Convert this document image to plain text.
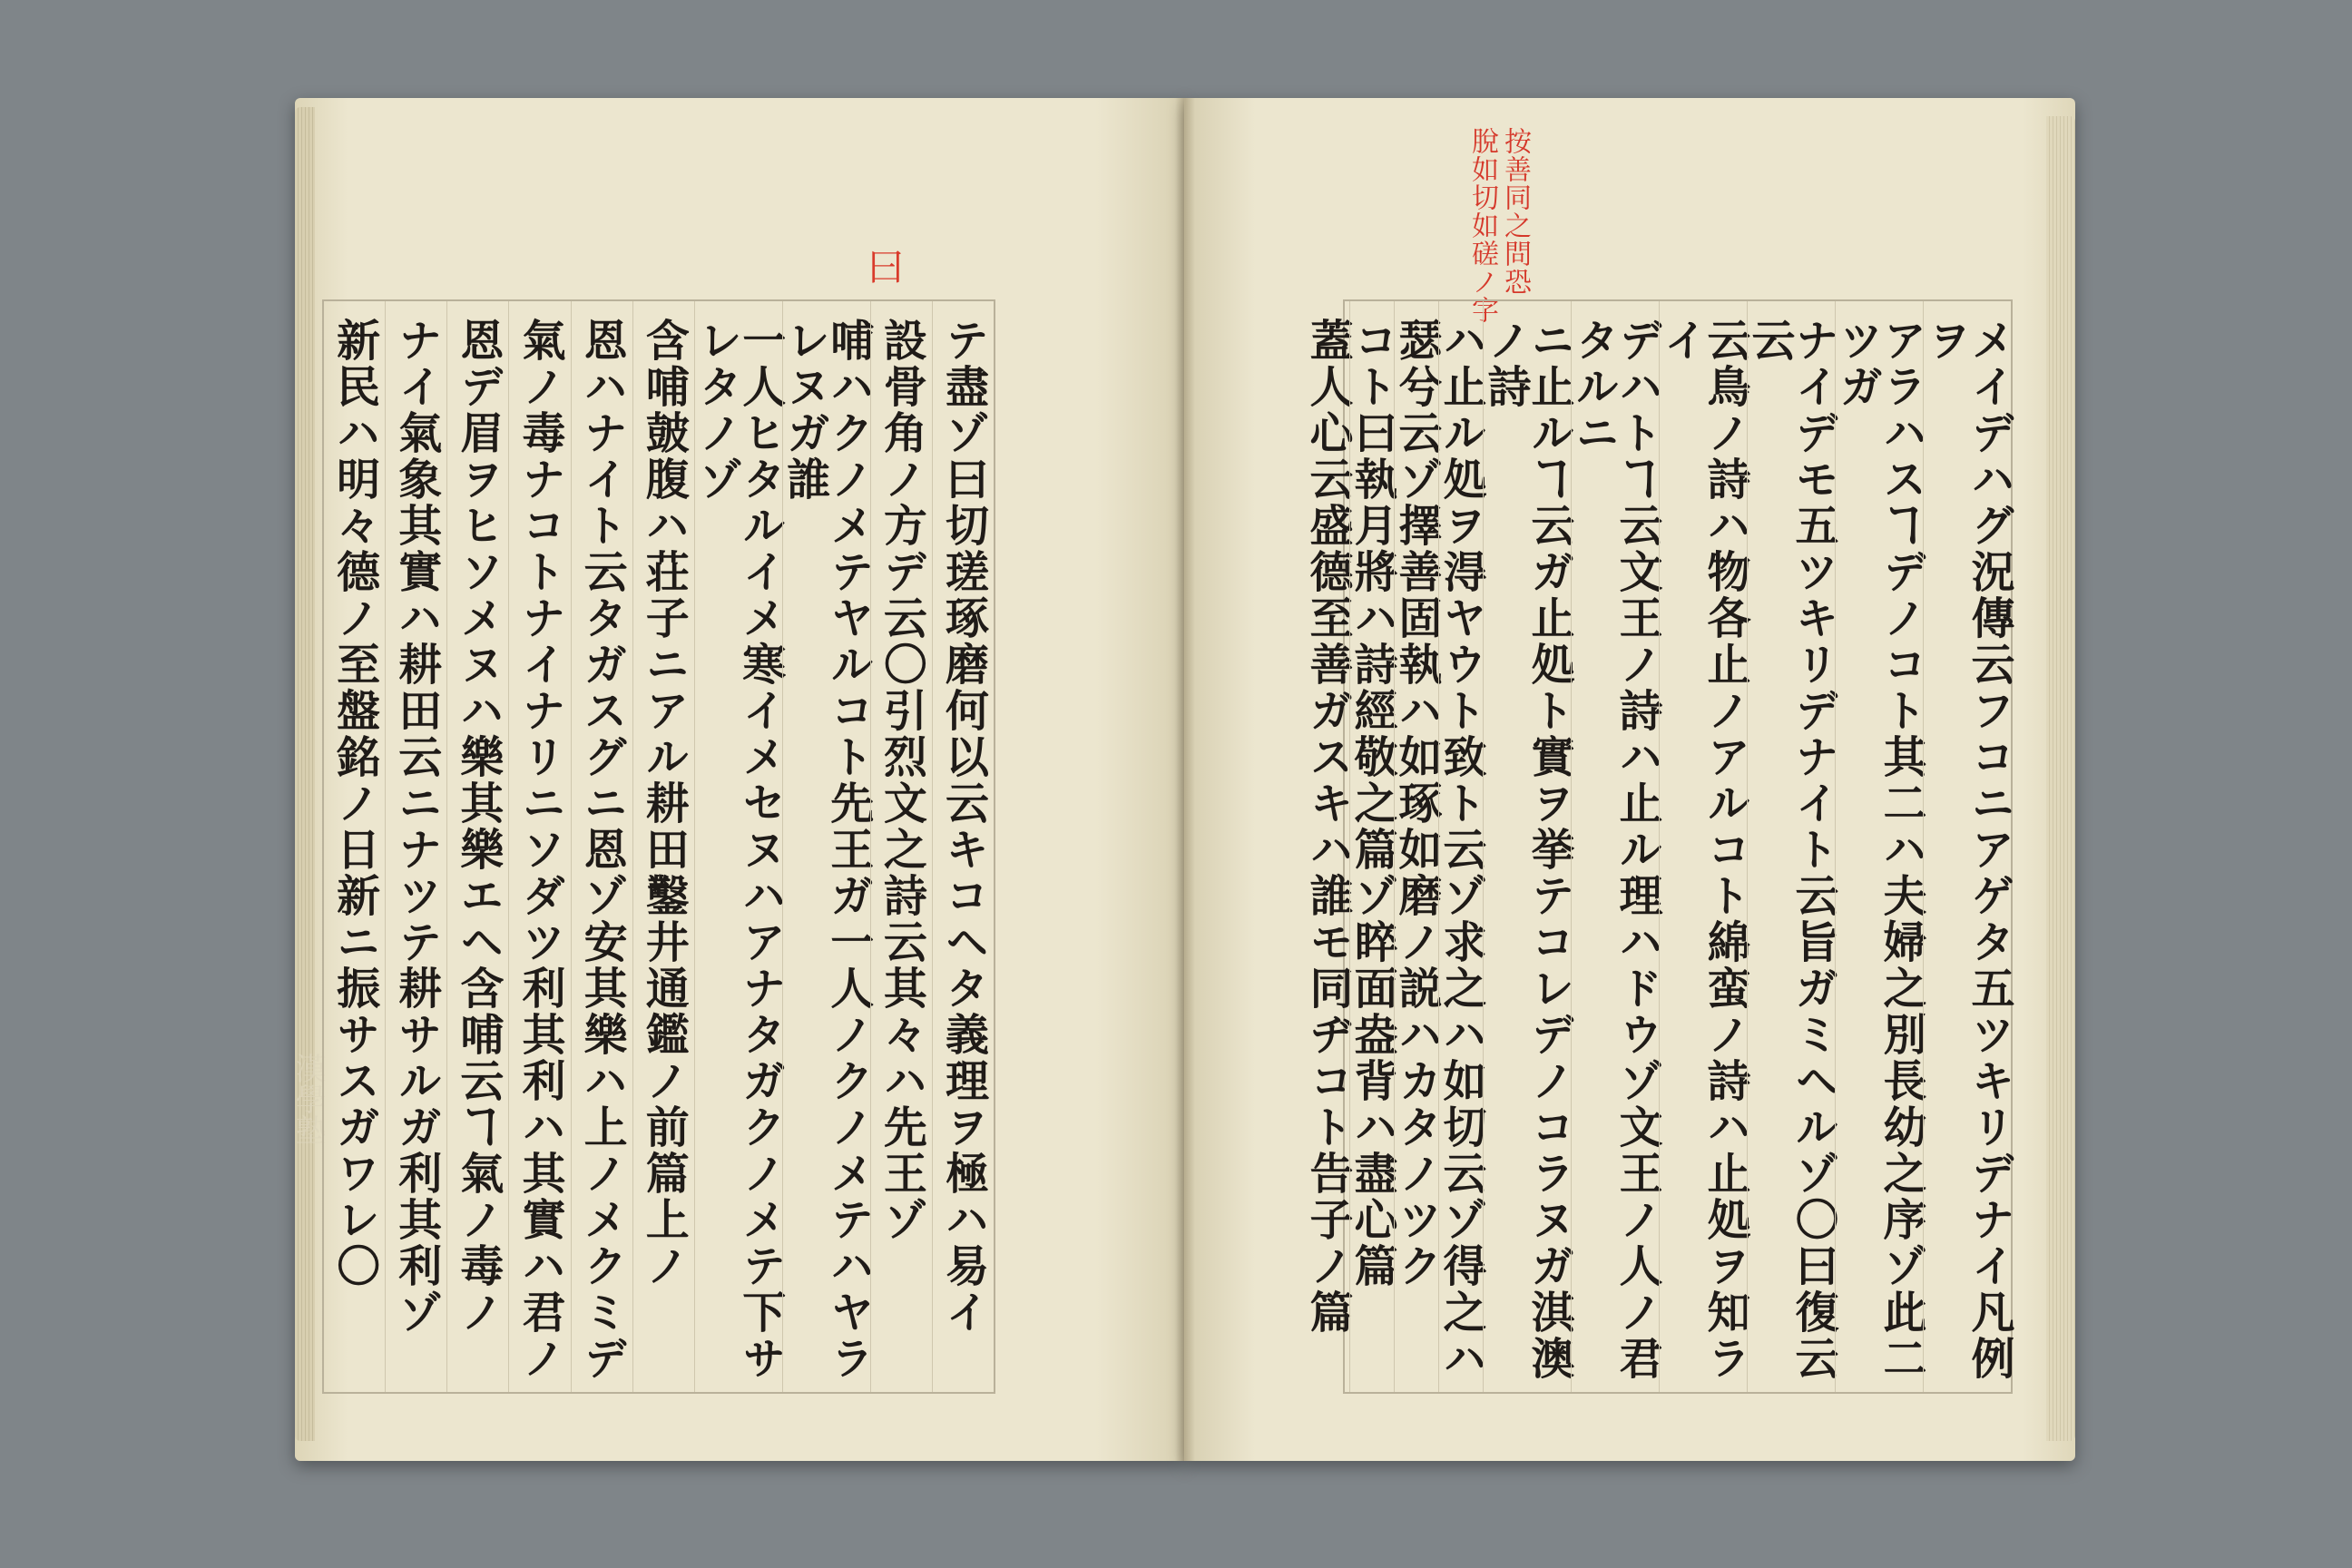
曰	按善同之問恐
脫如切如磋ノ字
漢學塾	テ盡ゾ曰切瑳琢磨何以云キコヘタ義理ヲ極ハ易イ
設骨角ノ方デ云〇引烈文之詩云其々ハ先王ゾ
哺ハクノメテヤルコト先王ガ一人ノクノメテハヤラレヌガ誰
一人ヒタルイメ寒イメセヌハアナタガクノメテ下サレタノゾ
含哺皷腹ハ荘子ニアル耕田鑿井通鑑ノ前篇上ノ
恩ハナイト云タガスグニ恩ゾ安其樂ハ上ノメクミデ
氣ノ毒ナコトナイナリニソダツ利其利ハ其實ハ君ノ
恩デ眉ヲヒソメヌハ樂其樂エヘ含哺云ヿ氣ノ毒ノ
ナイ氣象其實ハ耕田云ニナツテ耕サルガ利其利ゾ
新民ハ明々德ノ至盤銘ノ日新ニ振サスガワレ〇	メイデハグ況傳云フコニアゲタ五ツキリデナイ凡例ヲ
アラハスヿデノコト其二ハ夫婦之別長幼之序ゾ此二ツガ
ナイデモ五ツキリデナイト云旨ガミヘルゾ〇曰復云云
云鳥ノ詩ハ物各止ノアルコト綿蛮ノ詩ハ止処ヲ知ライ
デハトヿ云文王ノ詩ハ止ル理ハドウゾ文王ノ人ノ君タルニ
ニ止ルヿ云ガ止処ト實ヲ挙テコレデノコラヌガ淇澳ノ詩
ハ止ル処ヲ淂ヤウト致ト云ゾ求之ハ如切云ゾ得之ハ
瑟兮云ゾ擇善固執ハ如琢如磨ノ説ハカタノツク
コト曰執月將ハ詩經敬之篇ゾ睟面盎背ハ盡心篇
蓋人心云盛德至善ガスキハ誰モ同ヂコト告子ノ篇
